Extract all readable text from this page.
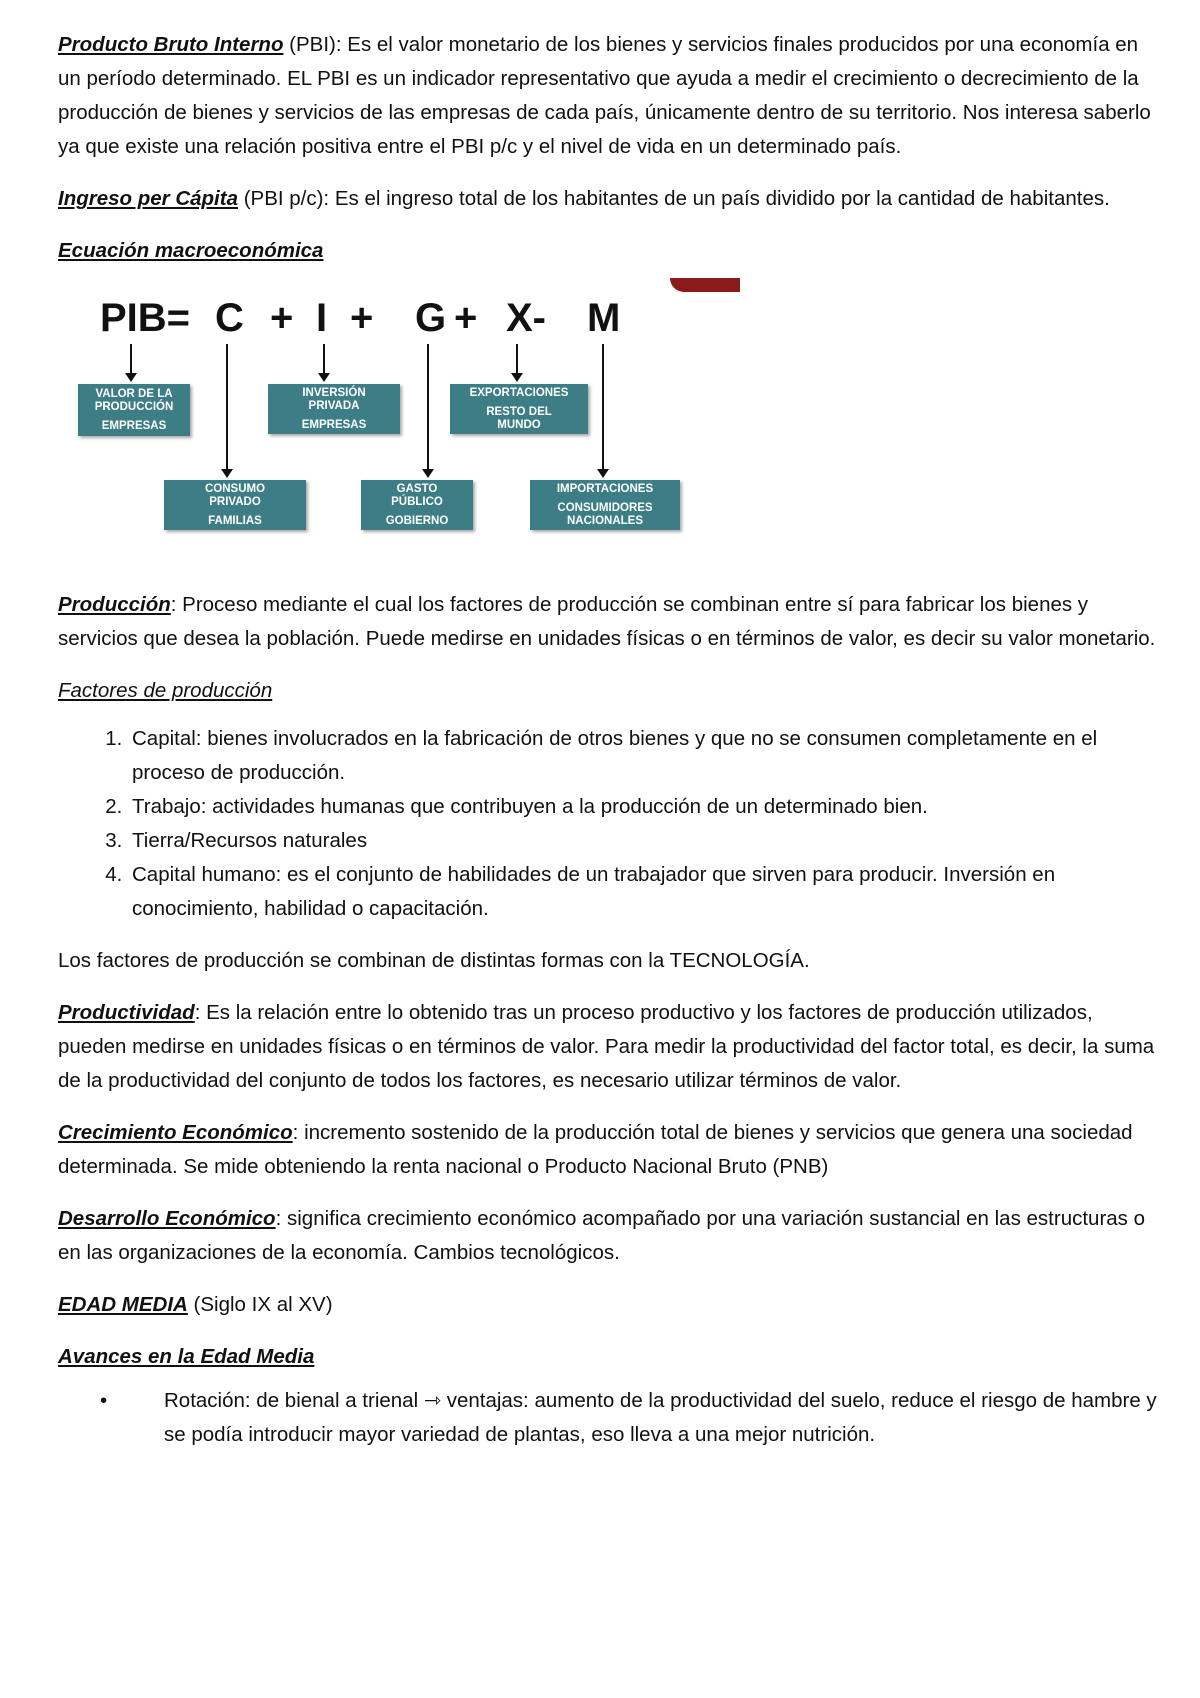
Producto Bruto Interno (PBI): Es el valor monetario de los bienes y servicios finales producidos por una economía en un período determinado. EL PBI es un indicador representativo que ayuda a medir el crecimiento o decrecimiento de la producción de bienes y servicios de las empresas de cada país, únicamente dentro de su territorio. Nos interesa saberlo ya que existe una relación positiva entre el PBI p/c y el nivel de vida en un determinado país.

Ingreso per Cápita (PBI p/c): Es el ingreso total de los habitantes de un país dividido por la cantidad de habitantes.

Ecuación macroeconómica
PIB= C + I + G + X- M
VALOR DE LA
PRODUCCIÓN
EMPRESAS
INVERSIÓN
PRIVADA
EMPRESAS
EXPORTACIONES
RESTO DEL MUNDO
CONSUMO
PRIVADO
FAMILIAS
GASTO
PÚBLICO
GOBIERNO
IMPORTACIONES
CONSUMIDORES NACIONALES

Producción: Proceso mediante el cual los factores de producción se combinan entre sí para fabricar los bienes y servicios que desea la población. Puede medirse en unidades físicas o en términos de valor, es decir su valor monetario.

Factores de producción

1. Capital: bienes involucrados en la fabricación de otros bienes y que no se consumen completamente en el proceso de producción.
2. Trabajo: actividades humanas que contribuyen a la producción de un determinado bien.
3. Tierra/Recursos naturales
4. Capital humano: es el conjunto de habilidades de un trabajador que sirven para producir. Inversión en conocimiento, habilidad o capacitación.

Los factores de producción se combinan de distintas formas con la TECNOLOGÍA.

Productividad: Es la relación entre lo obtenido tras un proceso productivo y los factores de producción utilizados, pueden medirse en unidades físicas o en términos de valor. Para medir la productividad del factor total, es decir, la suma de la productividad del conjunto de todos los factores, es necesario utilizar términos de valor.

Crecimiento Económico: incremento sostenido de la producción total de bienes y servicios que genera una sociedad determinada. Se mide obteniendo la renta nacional o Producto Nacional Bruto (PNB)

Desarrollo Económico: significa crecimiento económico acompañado por una variación sustancial en las estructuras o en las organizaciones de la economía. Cambios tecnológicos.

EDAD MEDIA (Siglo IX al XV)

Avances en la Edad Media

• Rotación: de bienal a trienal ⇾ ventajas: aumento de la productividad del suelo, reduce el riesgo de hambre y se podía introducir mayor variedad de plantas, eso lleva a una mejor nutrición.
